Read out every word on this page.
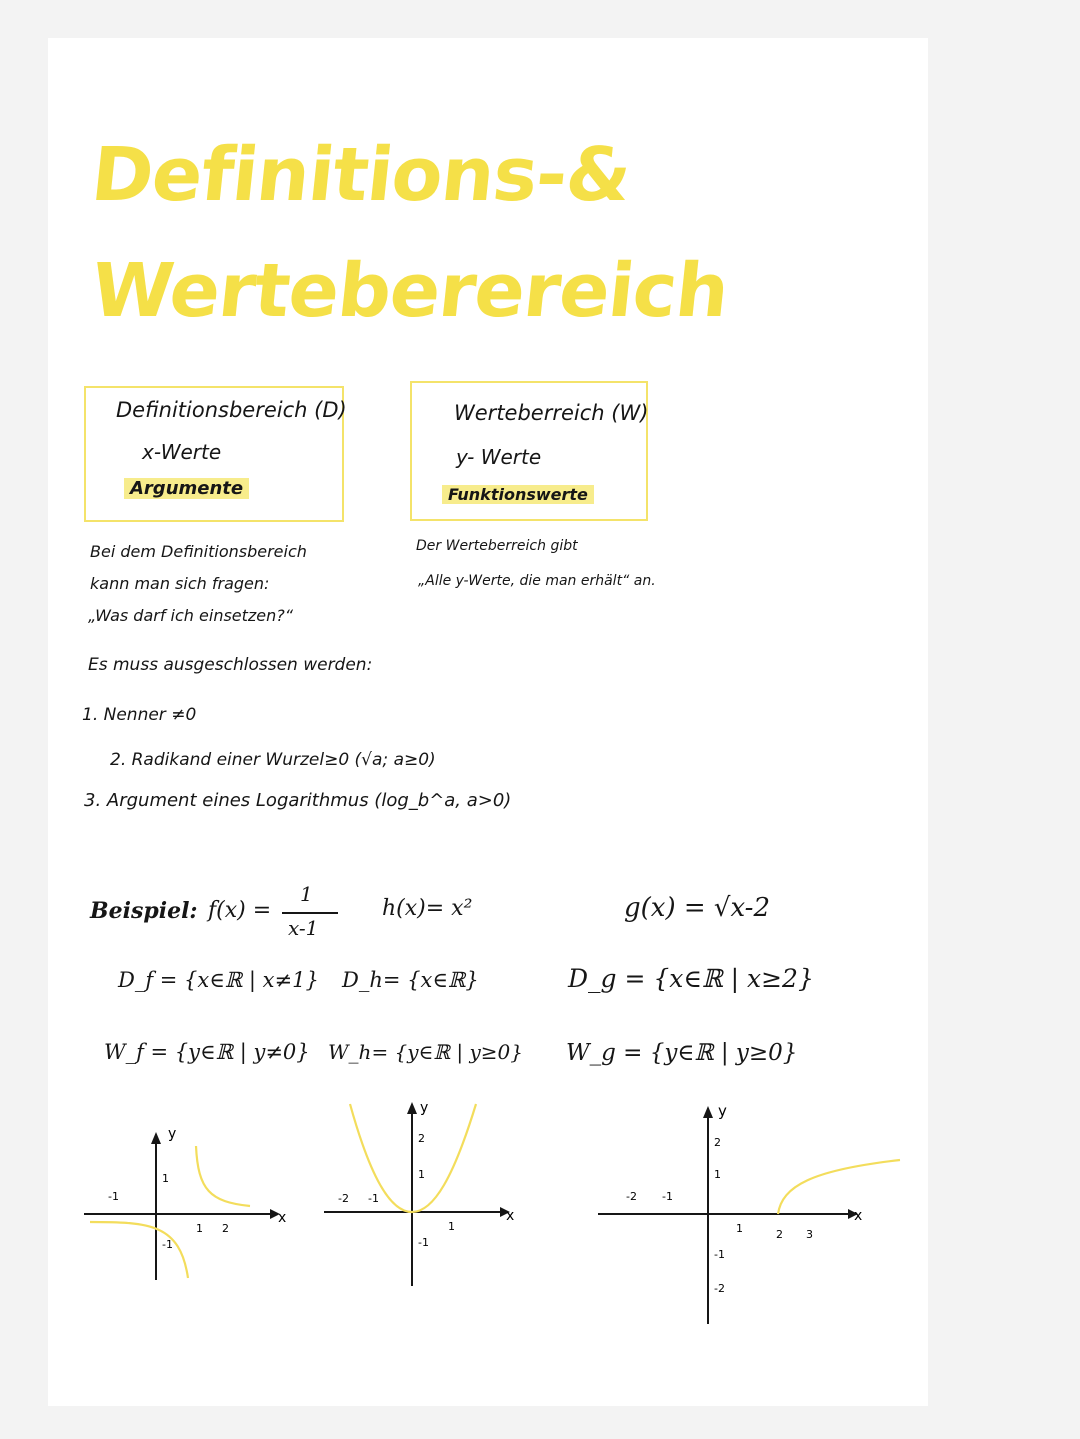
Definitions-&
Werteberereich
Definitionsbereich (D)
x-Werte
Argumente
Werteberreich (W)
y- Werte
Funktionswerte
Bei dem Definitionsbereich
kann man sich fragen:
„Was darf ich einsetzen?“
Der Werteberreich gibt
„Alle y-Werte, die man erhält“ an.
Es muss ausgeschlossen werden:
1. Nenner ≠0
2. Radikand einer Wurzel≥0 (√a; a≥0)
3. Argument eines Logarithmus (log_b^a, a>0)
Beispiel: f(x) =
1
x-1
h(x)= x²	g(x) = √x-2
D_f = {x∈ℝ | x≠1} D_h= {x∈ℝ}	D_g = {x∈ℝ | x≥2}
W_f = {y∈ℝ | y≠0} W_h= {y∈ℝ | y≥0} W_g = {y∈ℝ | y≥0}
x
y
-1
1 2
1
-1
x
y
-2 -1
1
2
1
-1
x
y
-2 -1
1	2 3
2
1
-1
-2
